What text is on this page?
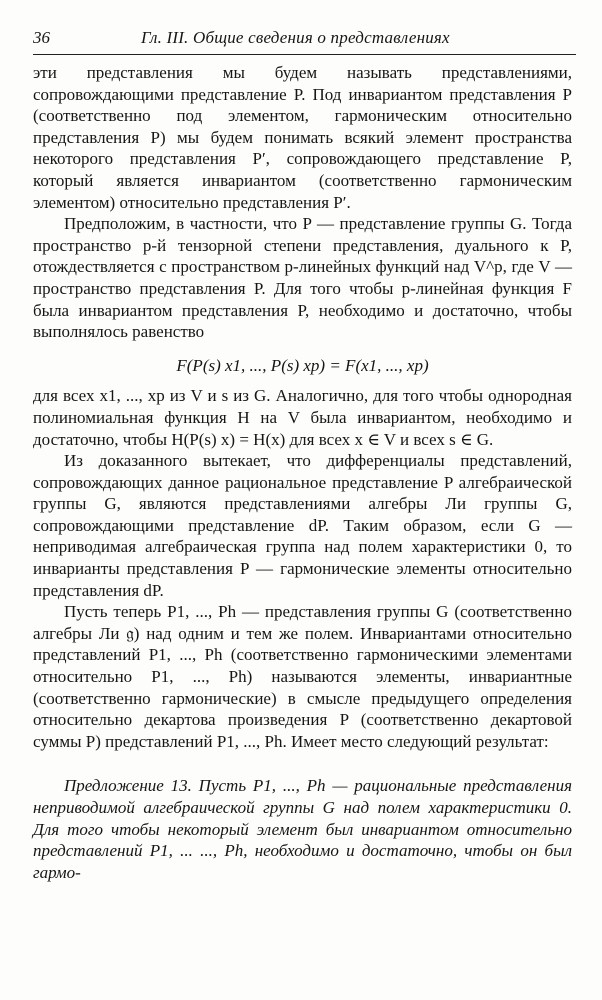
36	Гл. III. Общие сведения о представлениях

эти представления мы будем называть представлениями, сопровождающими представление P. Под инвариантом представления P (соответственно под элементом, гармоническим относительно представления P) мы будем понимать всякий элемент пространства некоторого представления P′, сопровождающего представление P, который является инвариантом (соответственно гармоническим элементом) относительно представления P′.

Предположим, в частности, что P — представление группы G. Тогда пространство p-й тензорной степени представления, дуального к P, отождествляется с пространством p-линейных функций над V^p, где V — пространство представления P. Для того чтобы p-линейная функция F была инвариантом представления P, необходимо и достаточно, чтобы выполнялось равенство

F(P(s) x1, ..., P(s) xp) = F(x1, ..., xp)

для всех x1, ..., xp из V и s из G. Аналогично, для того чтобы однородная полиномиальная функция H на V была инвариантом, необходимо и достаточно, чтобы H(P(s) x) = H(x) для всех x ∈ V и всех s ∈ G.

Из доказанного вытекает, что дифференциалы представлений, сопровождающих данное рациональное представление P алгебраической группы G, являются представлениями алгебры Ли группы G, сопровождающими прeдставление dP. Таким образом, если G — неприводимая алгебраическая группа над полем характеристики 0, то инварианты представления P — гармонические элементы относительно представления dP.

Пусть теперь P1, ..., Ph — представления группы G (соответственно алгебры Ли 𝔤) над одним и тем же полем. Инвариантами относительно представлений P1, ..., Ph (соответственно гармоническими элементами относительно P1, ..., Ph) называются элементы, инвариантные (соответственно гармонические) в смысле предыдущего определения относительно декартова произведения P (соответственно декартовой суммы P) представлений P1, ..., Ph. Имеет место следующий результат:

Предложение 13. Пусть P1, ..., Ph — рациональные представления неприводимой алгебраической группы G над полем характеристики 0. Для того чтобы некоторый элемент был инвариантом относительно представлений P1, ... ..., Ph, необходимо и достаточно, чтобы он был гармо-
